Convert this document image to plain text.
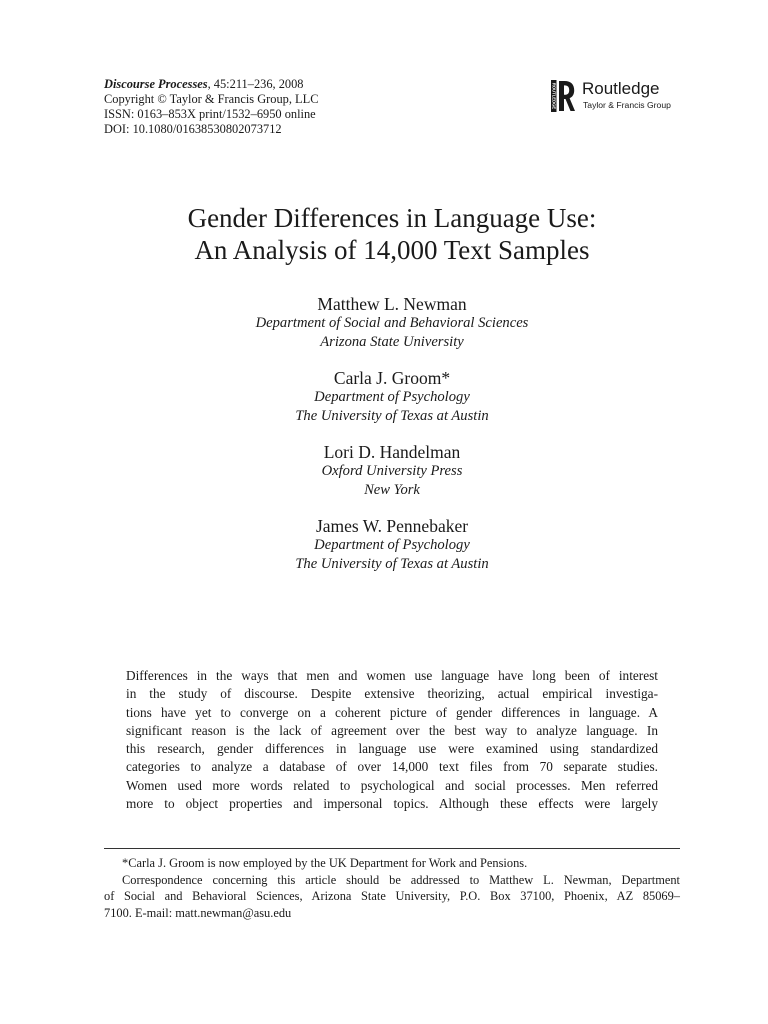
Discourse Processes, 45:211–236, 2008
Copyright © Taylor & Francis Group, LLC
ISSN: 0163–853X print/1532–6950 online
DOI: 10.1080/01638530802073712
ROUTLEDGE Routledge
Taylor & Francis Group
Gender Differences in Language Use:
An Analysis of 14,000 Text Samples
Matthew L. Newman
Department of Social and Behavioral Sciences
Arizona State University
Carla J. Groom*
Department of Psychology
The University of Texas at Austin
Lori D. Handelman
Oxford University Press
New York
James W. Pennebaker
Department of Psychology
The University of Texas at Austin
Differences in the ways that men and women use language have long been of interest
in the study of discourse. Despite extensive theorizing, actual empirical investiga-
tions have yet to converge on a coherent picture of gender differences in language. A
significant reason is the lack of agreement over the best way to analyze language. In
this research, gender differences in language use were examined using standardized
categories to analyze a database of over 14,000 text files from 70 separate studies.
Women used more words related to psychological and social processes. Men referred
more to object properties and impersonal topics. Although these effects were largely
*Carla J. Groom is now employed by the UK Department for Work and Pensions.
Correspondence concerning this article should be addressed to Matthew L. Newman, Department
of Social and Behavioral Sciences, Arizona State University, P.O. Box 37100, Phoenix, AZ 85069–
7100. E-mail: matt.newman@asu.edu
